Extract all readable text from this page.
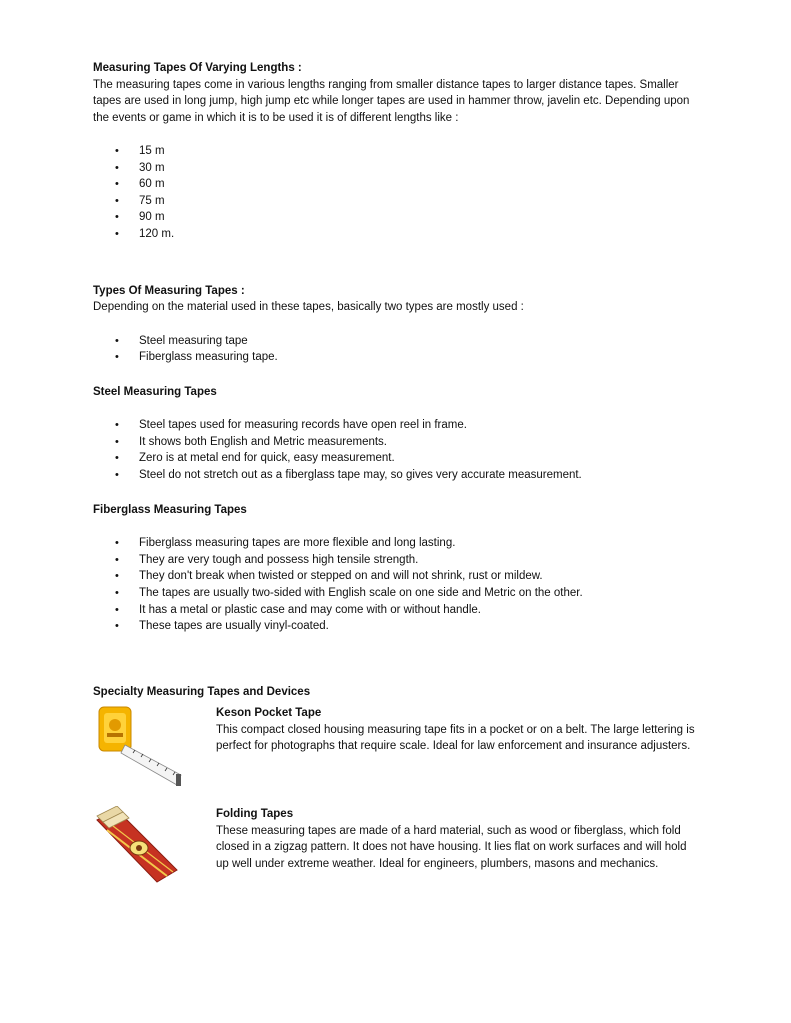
Measuring Tapes Of Varying Lengths :

The measuring tapes come in various lengths ranging from smaller distance tapes to larger distance tapes. Smaller tapes are used in long jump, high jump etc while longer tapes are used in hammer throw, javelin etc. Depending upon the events or game in which it is to be used it is of different lengths like :

• 15 m
• 30 m
• 60 m
• 75 m
• 90 m
• 120 m.
Types Of Measuring Tapes :

Depending on the material used in these tapes, basically two types are mostly used :

• Steel measuring tape
• Fiberglass measuring tape.
Steel Measuring Tapes
• Steel tapes used for measuring records have open reel in frame.
• It shows both English and Metric measurements.
• Zero is at metal end for quick, easy measurement.
• Steel do not stretch out as a fiberglass tape may, so gives very accurate measurement.
Fiberglass Measuring Tapes
• Fiberglass measuring tapes are more flexible and long lasting.
• They are very tough and possess high tensile strength.
• They don't break when twisted or stepped on and will not shrink, rust or mildew.
• The tapes are usually two-sided with English scale on one side and Metric on the other.
• It has a metal or plastic case and may come with or without handle.
• These tapes are usually vinyl-coated.
Specialty Measuring Tapes and Devices
Keson Pocket Tape

This compact closed housing measuring tape fits in a pocket or on a belt. The large lettering is perfect for photographs that require scale. Ideal for law enforcement and insurance adjusters.

Folding Tapes

These measuring tapes are made of a hard material, such as wood or fiberglass, which fold closed in a zigzag pattern. It does not have housing. It lies flat on work surfaces and will hold up well under extreme weather. Ideal for engineers, plumbers, masons and mechanics.
